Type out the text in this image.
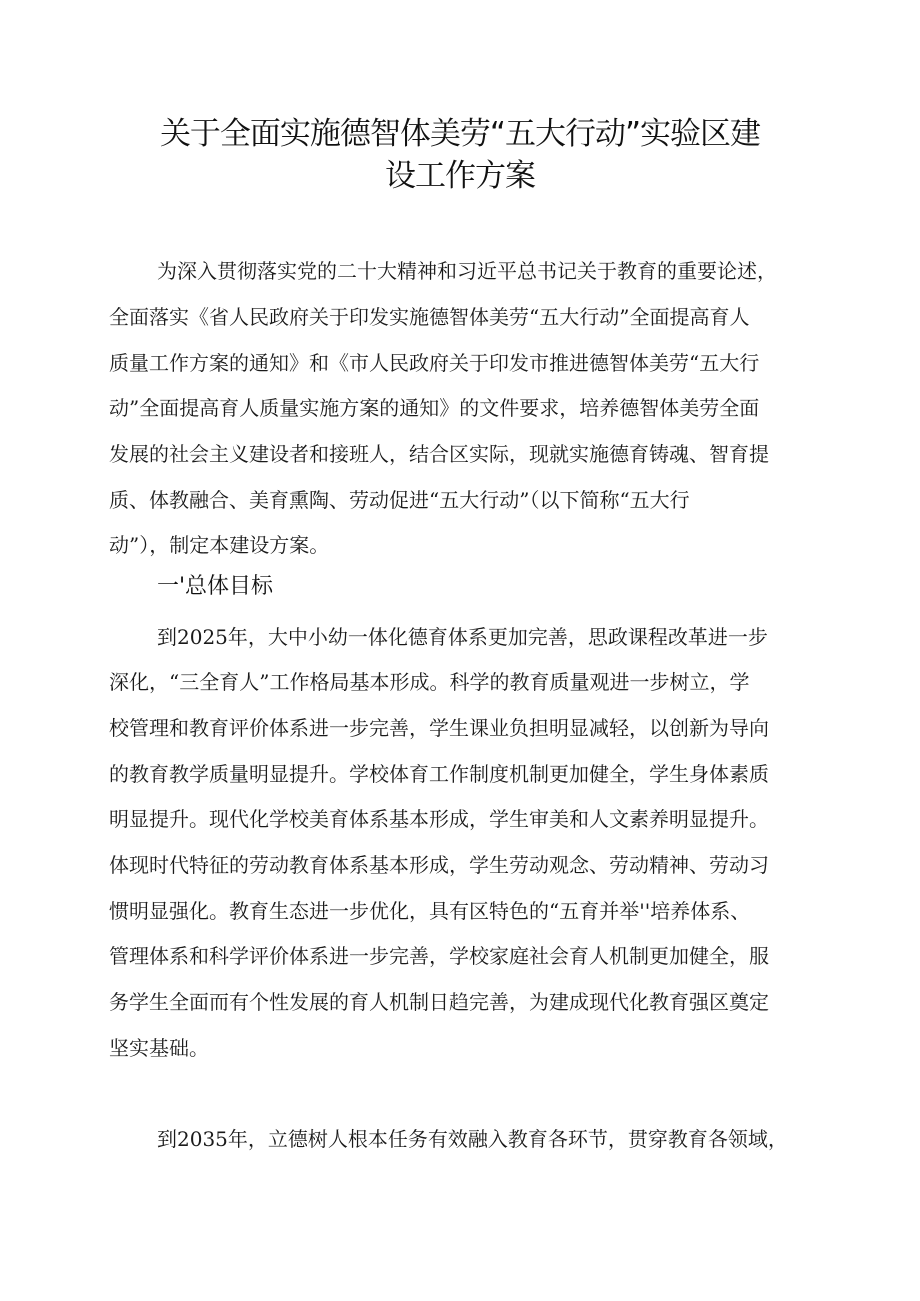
关于全面实施德智体美劳“五大行动”实验区建
设工作方案
为深入贯彻落实党的二十大精神和习近平总书记关于教育的重要论述，
全面落实《省人民政府关于印发实施德智体美劳“五大行动”全面提高育人
质量工作方案的通知》和《市人民政府关于印发市推进德智体美劳“五大行
动”全面提高育人质量实施方案的通知》的文件要求，培养德智体美劳全面
发展的社会主义建设者和接班人，结合区实际，现就实施德育铸魂、智育提
质、体教融合、美育熏陶、劳动促进“五大行动”（以下简称“五大行
动”），制定本建设方案。
一'总体目标
到2025年，大中小幼一体化德育体系更加完善，思政课程改革进一步
深化，“三全育人”工作格局基本形成。科学的教育质量观进一步树立，学
校管理和教育评价体系进一步完善，学生课业负担明显减轻，以创新为导向
的教育教学质量明显提升。学校体育工作制度机制更加健全，学生身体素质
明显提升。现代化学校美育体系基本形成，学生审美和人文素养明显提升。
体现时代特征的劳动教育体系基本形成，学生劳动观念、劳动精神、劳动习
惯明显强化。教育生态进一步优化，具有区特色的“五育并举''培养体系、
管理体系和科学评价体系进一步完善，学校家庭社会育人机制更加健全，服
务学生全面而有个性发展的育人机制日趋完善，为建成现代化教育强区奠定
坚实基础。
到2035年，立德树人根本任务有效融入教育各环节，贯穿教育各领域，
